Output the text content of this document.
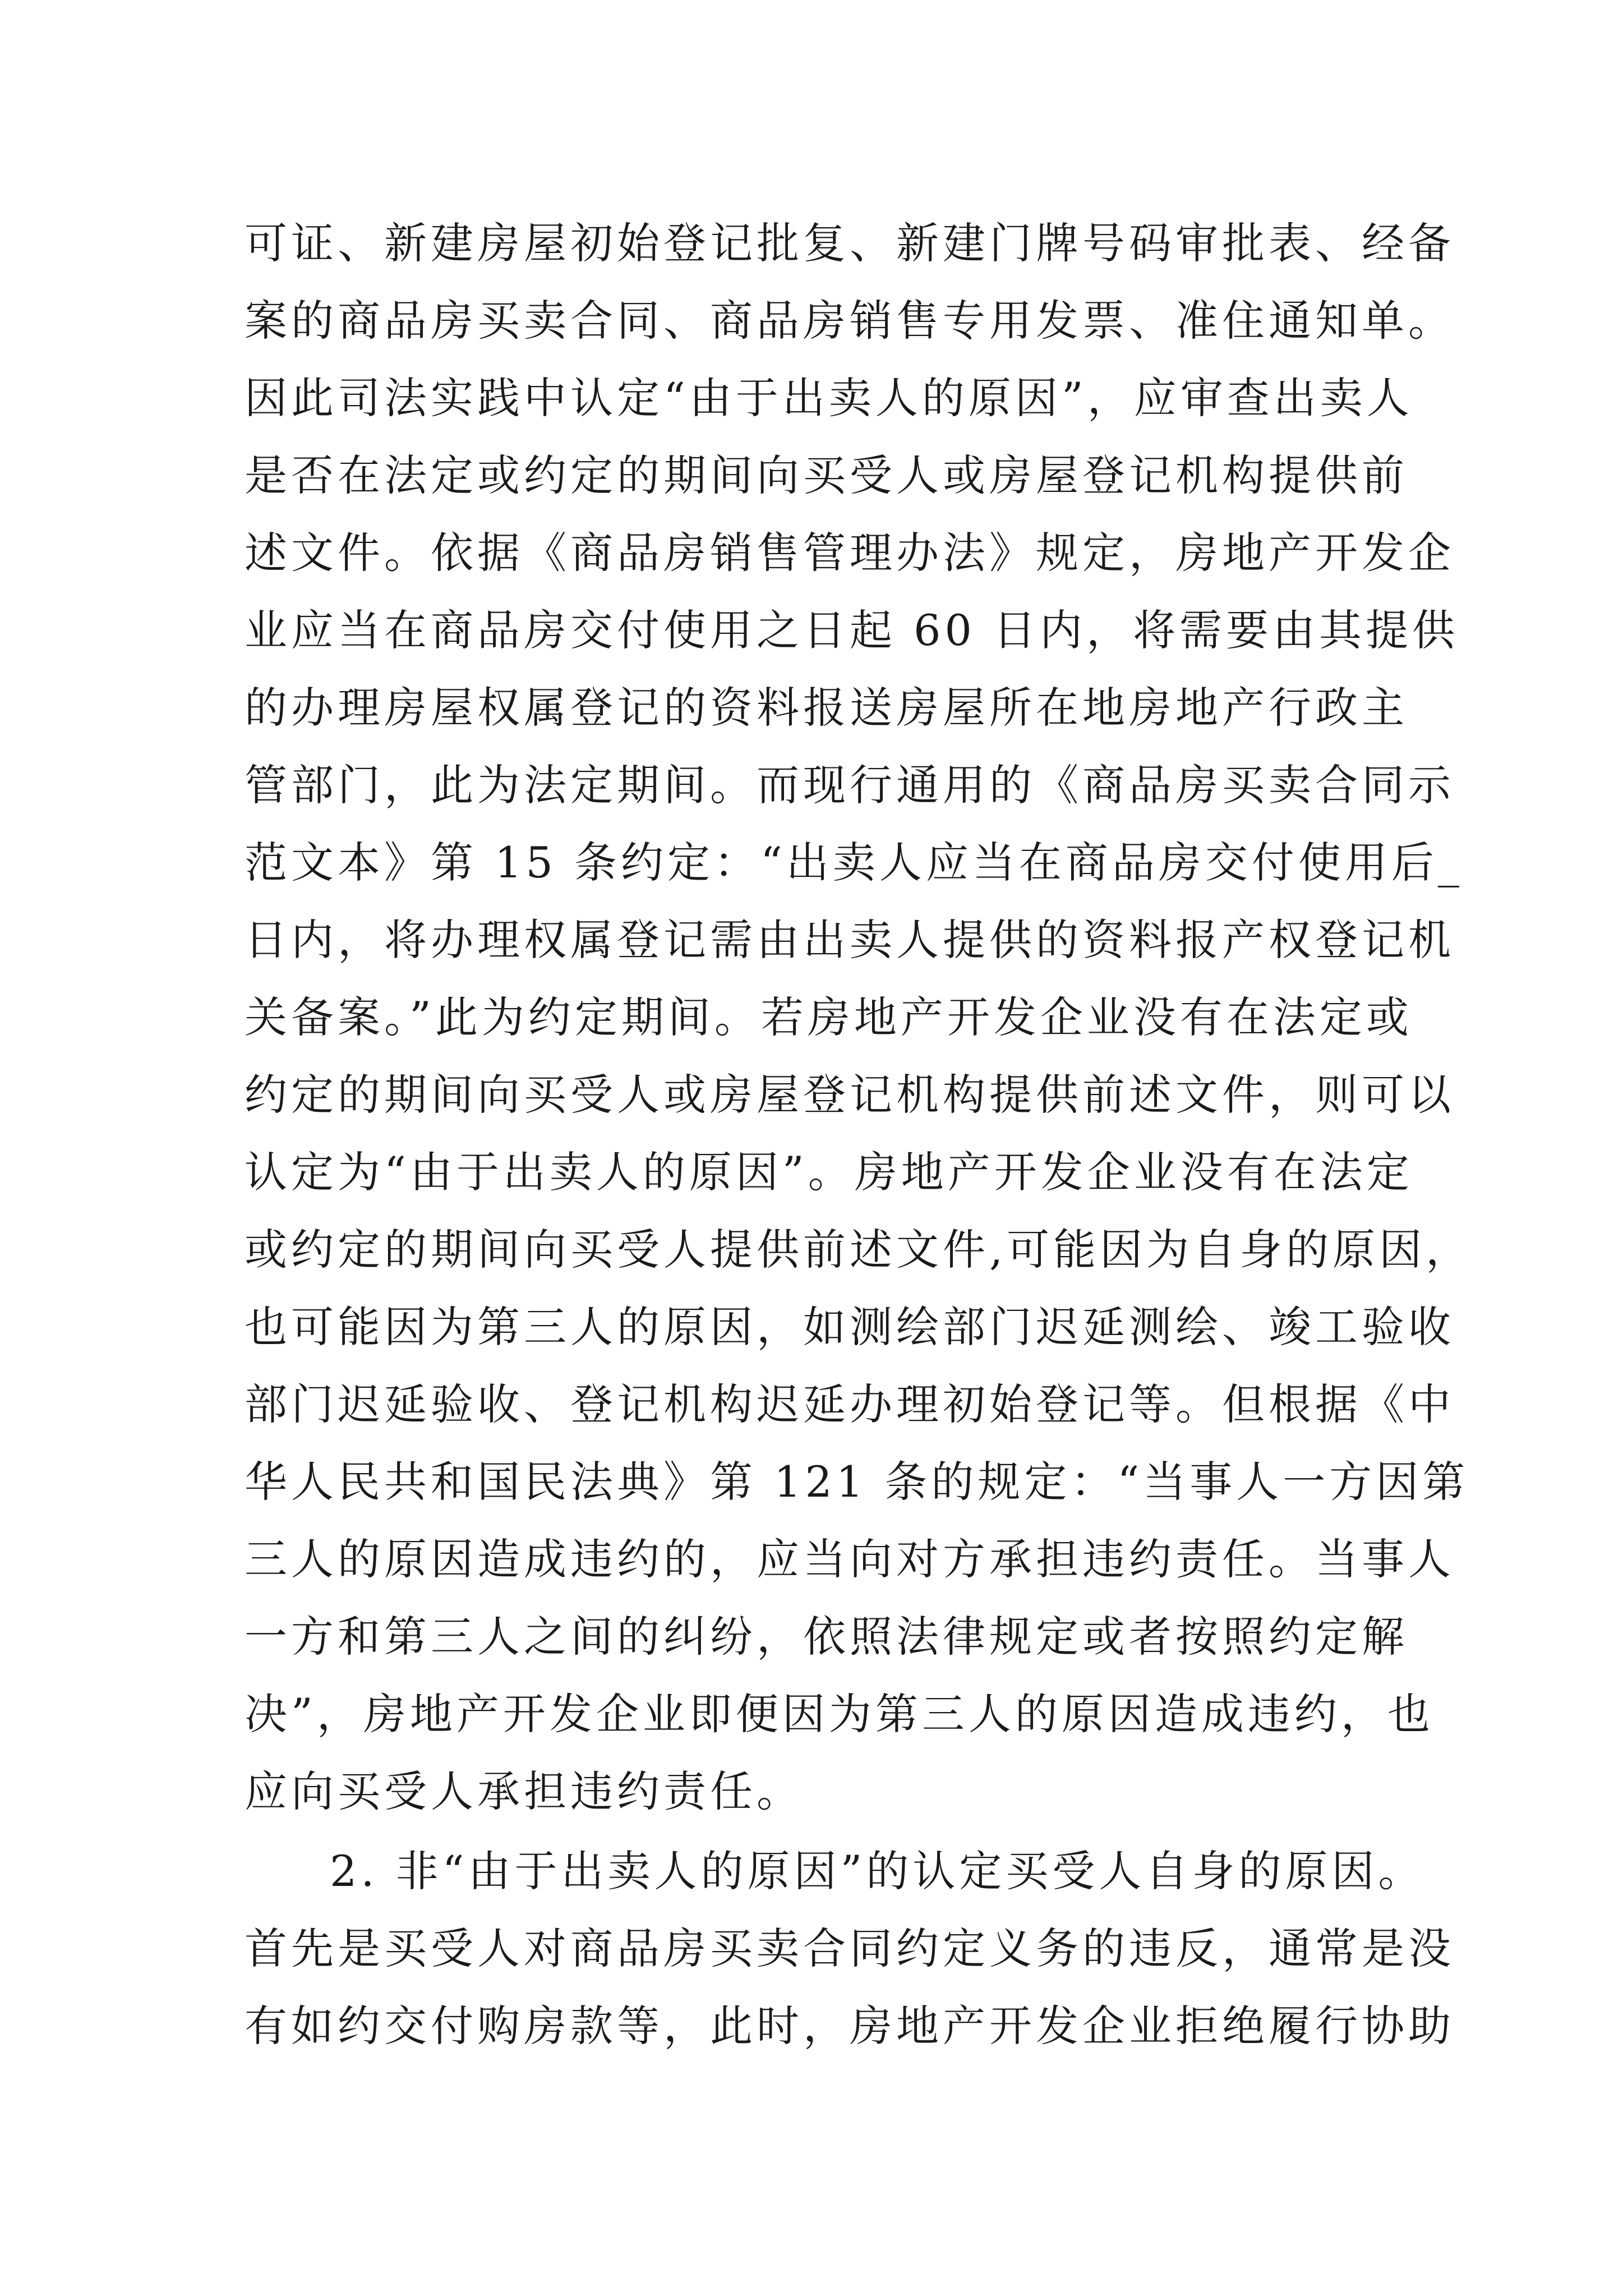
可证、新建房屋初始登记批复、新建门牌号码审批表、经备
案的商品房买卖合同、商品房销售专用发票、准住通知单。
因此司法实践中认定“由于出卖人的原因”，应审查出卖人
是否在法定或约定的期间向买受人或房屋登记机构提供前
述文件。依据《商品房销售管理办法》规定，房地产开发企
业应当在商品房交付使用之日起 60 日内，将需要由其提供
的办理房屋权属登记的资料报送房屋所在地房地产行政主
管部门，此为法定期间。而现行通用的《商品房买卖合同示
范文本》第 15 条约定：“出卖人应当在商品房交付使用后_
日内，将办理权属登记需由出卖人提供的资料报产权登记机
关备案。”此为约定期间。若房地产开发企业没有在法定或
约定的期间向买受人或房屋登记机构提供前述文件，则可以
认定为“由于出卖人的原因”。房地产开发企业没有在法定
或约定的期间向买受人提供前述文件,可能因为自身的原因，
也可能因为第三人的原因，如测绘部门迟延测绘、竣工验收
部门迟延验收、登记机构迟延办理初始登记等。但根据《中
华人民共和国民法典》第 121 条的规定：“当事人一方因第
三人的原因造成违约的，应当向对方承担违约责任。当事人
一方和第三人之间的纠纷，依照法律规定或者按照约定解
决”，房地产开发企业即便因为第三人的原因造成违约，也
应向买受人承担违约责任。
2. 非“由于出卖人的原因”的认定买受人自身的原因。
首先是买受人对商品房买卖合同约定义务的违反，通常是没
有如约交付购房款等，此时，房地产开发企业拒绝履行协助
